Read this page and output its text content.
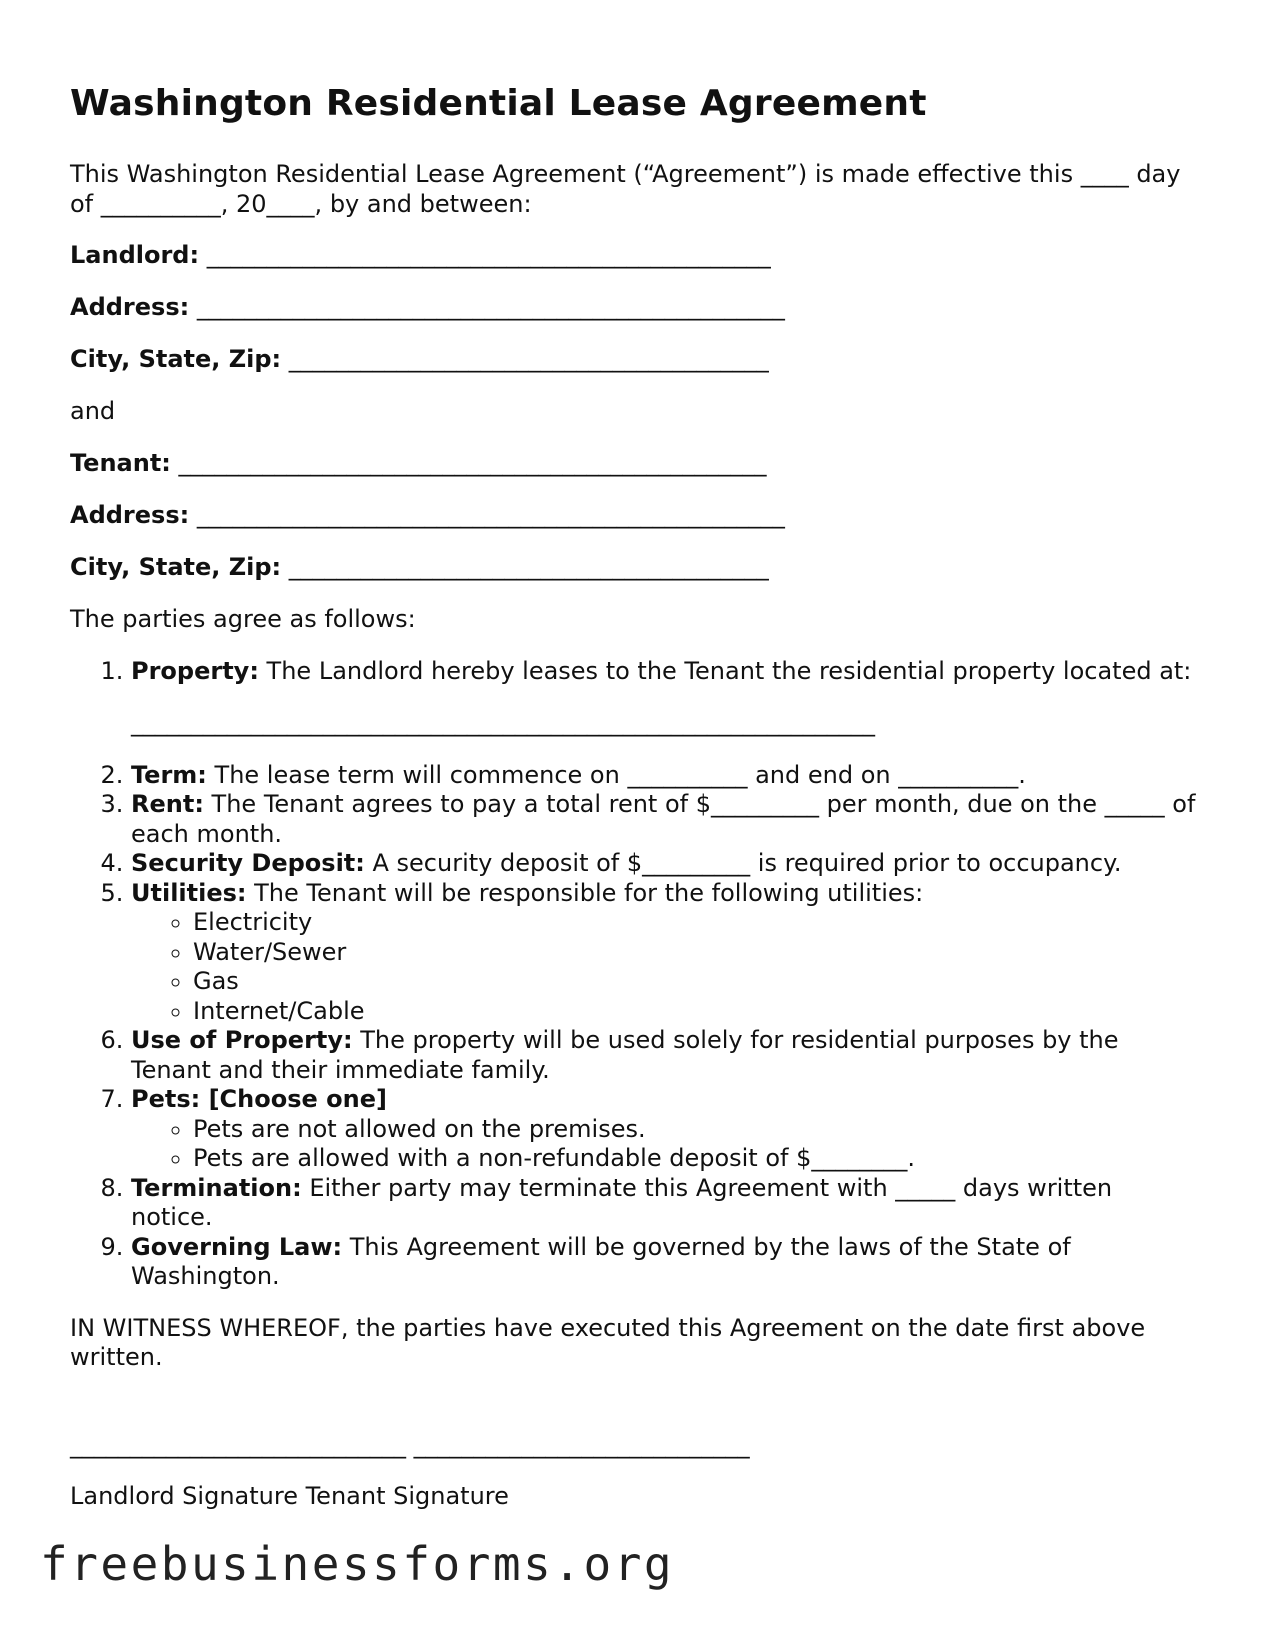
Washington Residential Lease Agreement

This Washington Residential Lease Agreement (“Agreement”) is made effective this ____ day of __________, 20____, by and between:

Landlord: _______________________________________________

Address: _________________________________________________

City, State, Zip: ________________________________________

and

Tenant: _________________________________________________

Address: _________________________________________________

City, State, Zip: ________________________________________

The parties agree as follows:

1. Property: The Landlord hereby leases to the Tenant the residential property located at:
______________________________________________________________
2. Term: The lease term will commence on __________ and end on __________.
3. Rent: The Tenant agrees to pay a total rent of $_________ per month, due on the _____ of each month.
4. Security Deposit: A security deposit of $_________ is required prior to occupancy.
5. Utilities: The Tenant will be responsible for the following utilities:
◦ Electricity
◦ Water/Sewer
◦ Gas
◦ Internet/Cable
6. Use of Property: The property will be used solely for residential purposes by the Tenant and their immediate family.
7. Pets: [Choose one]
◦ Pets are not allowed on the premises.
◦ Pets are allowed with a non-refundable deposit of $________.
8. Termination: Either party may terminate this Agreement with _____ days written notice.
9. Governing Law: This Agreement will be governed by the laws of the State of Washington.

IN WITNESS WHEREOF, the parties have executed this Agreement on the date first above written.

____________________________ ____________________________
Landlord Signature Tenant Signature
freebusinessforms.org
